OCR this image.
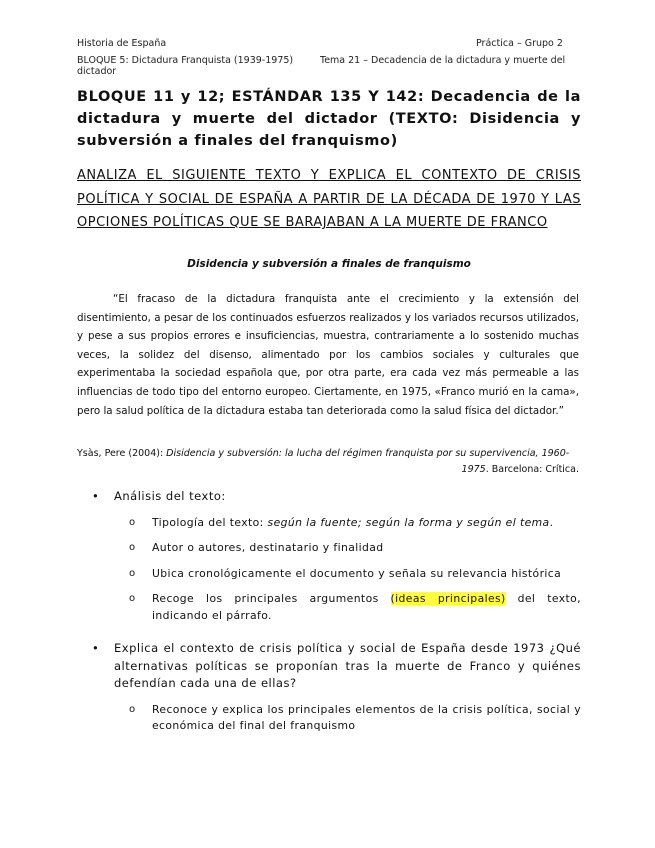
Historia de España	Práctica – Grupo 2
BLOQUE 5: Dictadura Franquista (1939-1975)	Tema 21 – Decadencia de la dictadura y muerte del
dictador
BLOQUE 11 y 12; ESTÁNDAR 135 Y 142: Decadencia de la dictadura y muerte del dictador (TEXTO: Disidencia y subversión a finales del franquismo)
ANALIZA EL SIGUIENTE TEXTO Y EXPLICA EL CONTEXTO DE CRISIS POLÍTICA Y SOCIAL DE ESPAÑA A PARTIR DE LA DÉCADA DE 1970 Y LAS OPCIONES POLÍTICAS QUE SE BARAJABAN A LA MUERTE DE FRANCO
Disidencia y subversión a finales de franquismo
“El fracaso de la dictadura franquista ante el crecimiento y la extensión del disentimiento, a pesar de los continuados esfuerzos realizados y los variados recursos utilizados, y pese a sus propios errores e insuficiencias, muestra, contrariamente a lo sostenido muchas veces, la solidez del disenso, alimentado por los cambios sociales y culturales que experimentaba la sociedad española que, por otra parte, era cada vez más permeable a las influencias de todo tipo del entorno europeo. Ciertamente, en 1975, «Franco murió en la cama», pero la salud política de la dictadura estaba tan deteriorada como la salud física del dictador.”
Ysàs, Pere (2004): Disidencia y subversión: la lucha del régimen franquista por su supervivencia, 1960-
1975. Barcelona: Crítica.
• Análisis del texto:
o Tipología del texto: según la fuente; según la forma y según el tema.
o Autor o autores, destinatario y finalidad
o Ubica cronológicamente el documento y señala su relevancia histórica
o Recoge los principales argumentos (ideas principales) del texto, indicando el párrafo.
• Explica el contexto de crisis política y social de España desde 1973 ¿Qué alternativas políticas se proponían tras la muerte de Franco y quiénes defendían cada una de ellas?
o Reconoce y explica los principales elementos de la crisis política, social y económica del final del franquismo
